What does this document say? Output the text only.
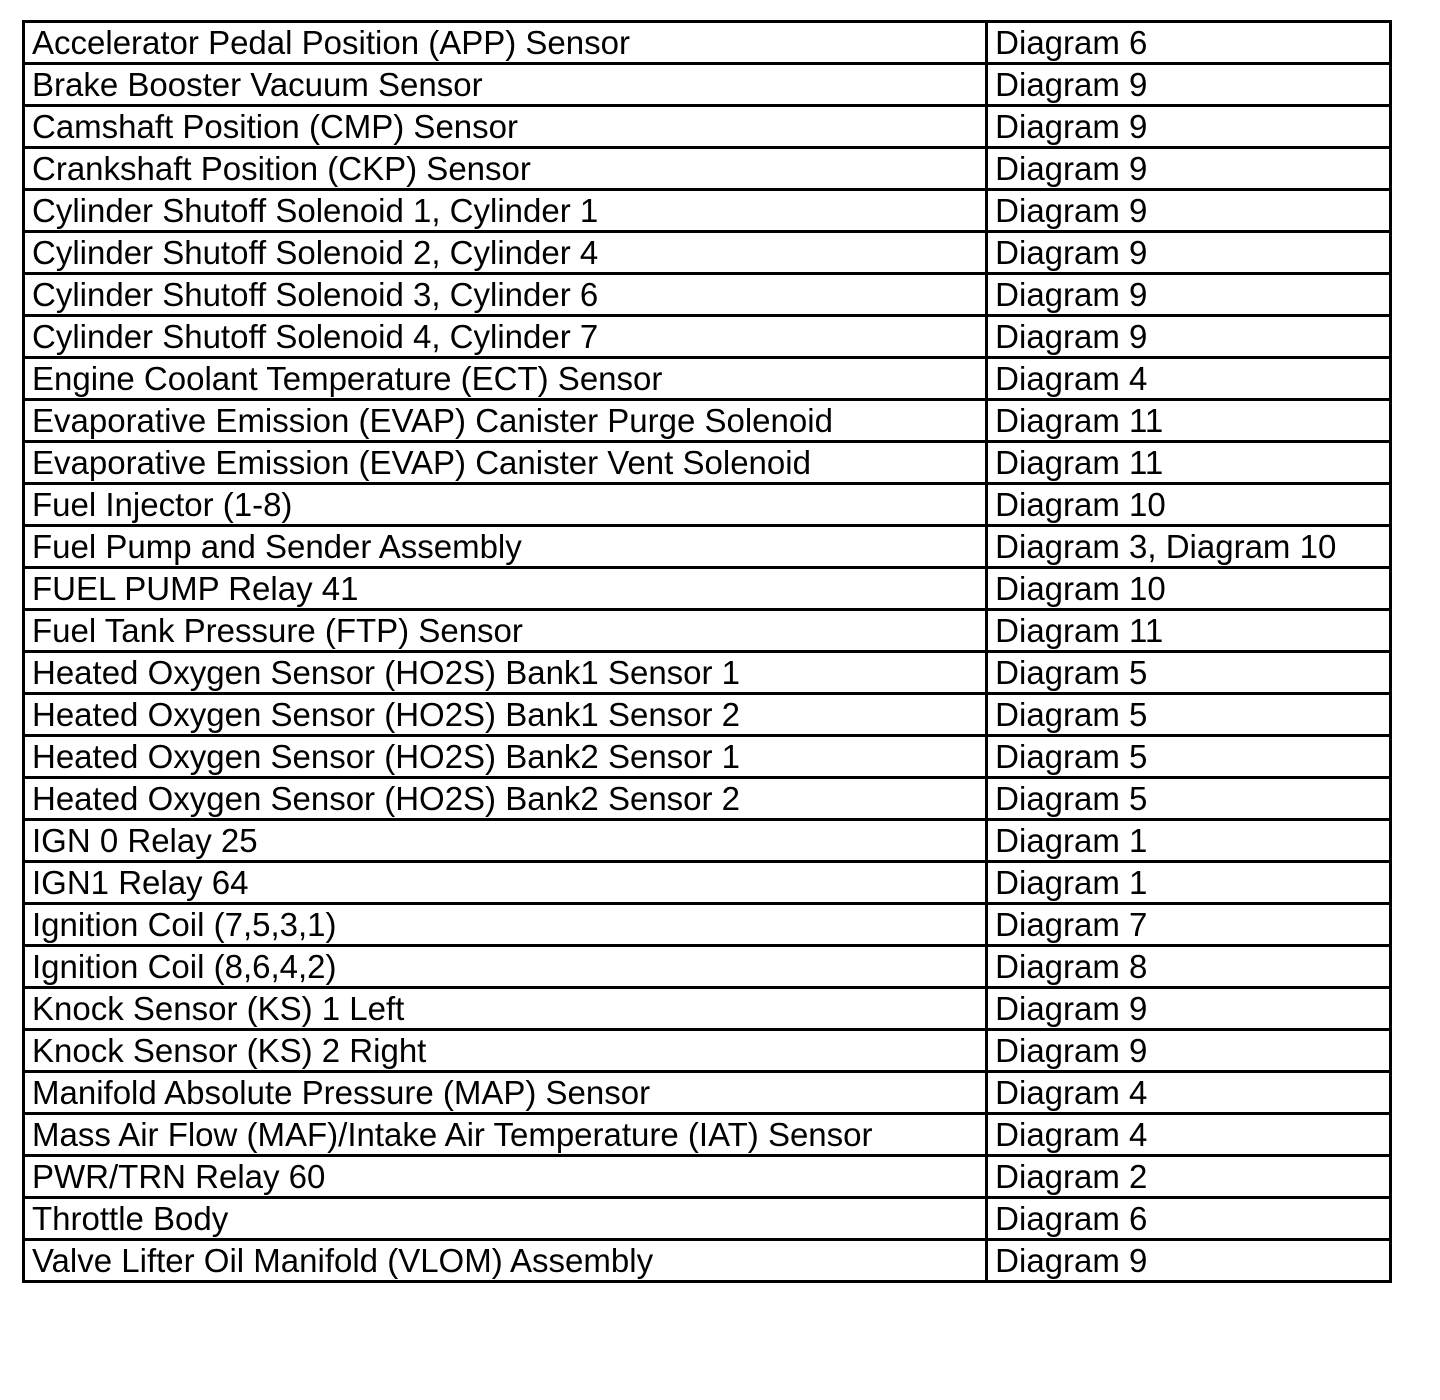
Accelerator Pedal Position (APP) Sensor	Diagram 6
Brake Booster Vacuum Sensor	Diagram 9
Camshaft Position (CMP) Sensor	Diagram 9
Crankshaft Position (CKP) Sensor	Diagram 9
Cylinder Shutoff Solenoid 1, Cylinder 1	Diagram 9
Cylinder Shutoff Solenoid 2, Cylinder 4	Diagram 9
Cylinder Shutoff Solenoid 3, Cylinder 6	Diagram 9
Cylinder Shutoff Solenoid 4, Cylinder 7	Diagram 9
Engine Coolant Temperature (ECT) Sensor	Diagram 4
Evaporative Emission (EVAP) Canister Purge Solenoid	Diagram 11
Evaporative Emission (EVAP) Canister Vent Solenoid	Diagram 11
Fuel Injector (1-8)	Diagram 10
Fuel Pump and Sender Assembly	Diagram 3, Diagram 10
FUEL PUMP Relay 41	Diagram 10
Fuel Tank Pressure (FTP) Sensor	Diagram 11
Heated Oxygen Sensor (HO2S) Bank1 Sensor 1	Diagram 5
Heated Oxygen Sensor (HO2S) Bank1 Sensor 2	Diagram 5
Heated Oxygen Sensor (HO2S) Bank2 Sensor 1	Diagram 5
Heated Oxygen Sensor (HO2S) Bank2 Sensor 2	Diagram 5
IGN 0 Relay 25	Diagram 1
IGN1 Relay 64	Diagram 1
Ignition Coil (7,5,3,1)	Diagram 7
Ignition Coil (8,6,4,2)	Diagram 8
Knock Sensor (KS) 1 Left	Diagram 9
Knock Sensor (KS) 2 Right	Diagram 9
Manifold Absolute Pressure (MAP) Sensor	Diagram 4
Mass Air Flow (MAF)/Intake Air Temperature (IAT) Sensor	Diagram 4
PWR/TRN Relay 60	Diagram 2
Throttle Body	Diagram 6
Valve Lifter Oil Manifold (VLOM) Assembly	Diagram 9
